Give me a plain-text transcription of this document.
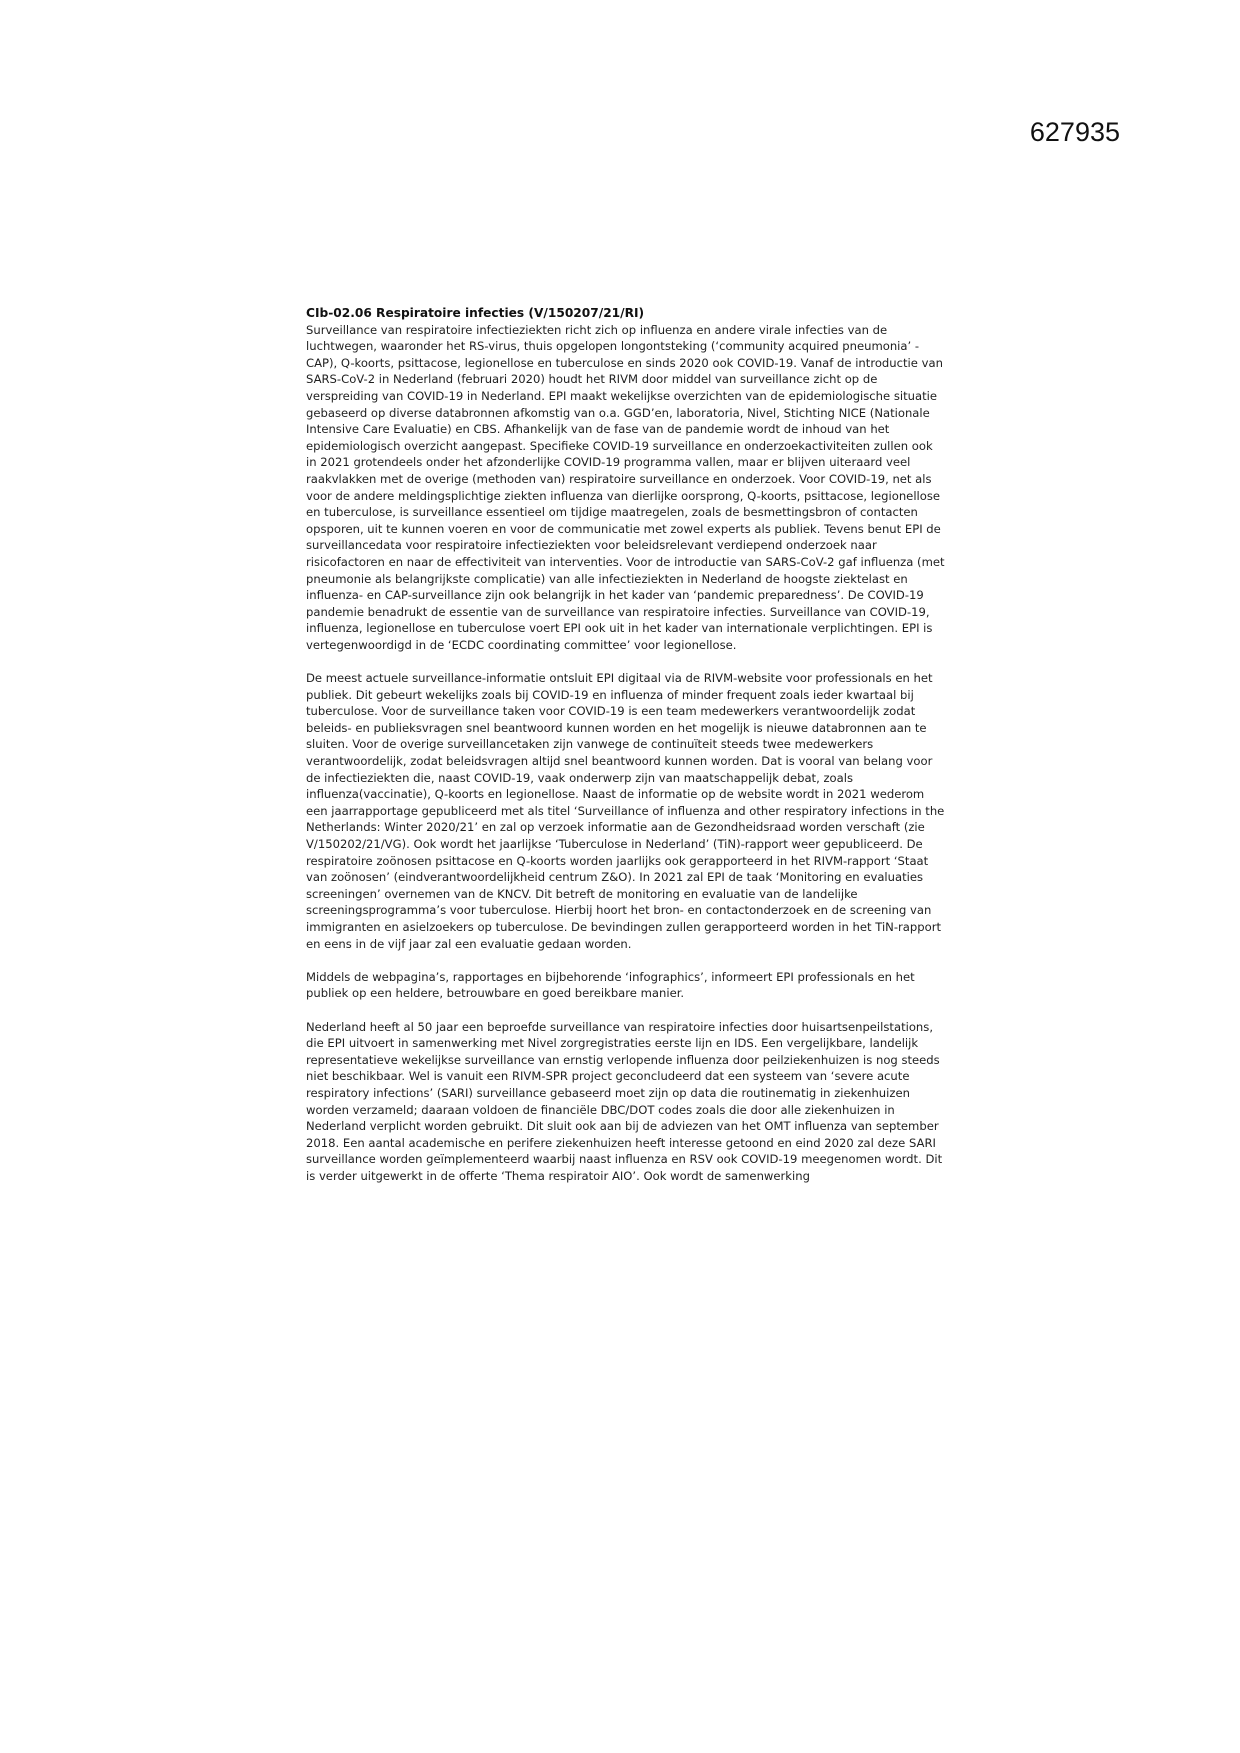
627935

CIb-02.06 Respiratoire infecties (V/150207/21/RI)

Surveillance van respiratoire infectieziekten richt zich op influenza en andere virale infecties van de luchtwegen, waaronder het RS-virus, thuis opgelopen longontsteking (‘community acquired pneumonia’ - CAP), Q-koorts, psittacose, legionellose en tuberculose en sinds 2020 ook COVID-19. Vanaf de introductie van SARS-CoV-2 in Nederland (februari 2020) houdt het RIVM door middel van surveillance zicht op de verspreiding van COVID-19 in Nederland. EPI maakt wekelijkse overzichten van de epidemiologische situatie gebaseerd op diverse databronnen afkomstig van o.a. GGD’en, laboratoria, Nivel, Stichting NICE (Nationale Intensive Care Evaluatie) en CBS. Afhankelijk van de fase van de pandemie wordt de inhoud van het epidemiologisch overzicht aangepast. Specifieke COVID-19 surveillance en onderzoekactiviteiten zullen ook in 2021 grotendeels onder het afzonderlijke COVID-19 programma vallen, maar er blijven uiteraard veel raakvlakken met de overige (methoden van) respiratoire surveillance en onderzoek. Voor COVID-19, net als voor de andere meldingsplichtige ziekten influenza van dierlijke oorsprong, Q-koorts, psittacose, legionellose en tuberculose, is surveillance essentieel om tijdige maatregelen, zoals de besmettingsbron of contacten opsporen, uit te kunnen voeren en voor de communicatie met zowel experts als publiek. Tevens benut EPI de surveillancedata voor respiratoire infectieziekten voor beleidsrelevant verdiepend onderzoek naar risicofactoren en naar de effectiviteit van interventies. Voor de introductie van SARS-CoV-2 gaf influenza (met pneumonie als belangrijkste complicatie) van alle infectieziekten in Nederland de hoogste ziektelast en influenza- en CAP-surveillance zijn ook belangrijk in het kader van ‘pandemic preparedness’. De COVID-19 pandemie benadrukt de essentie van de surveillance van respiratoire infecties. Surveillance van COVID-19, influenza, legionellose en tuberculose voert EPI ook uit in het kader van internationale verplichtingen. EPI is vertegenwoordigd in de ‘ECDC coordinating committee’ voor legionellose.

De meest actuele surveillance-informatie ontsluit EPI digitaal via de RIVM-website voor professionals en het publiek. Dit gebeurt wekelijks zoals bij COVID-19 en influenza of minder frequent zoals ieder kwartaal bij tuberculose. Voor de surveillance taken voor COVID-19 is een team medewerkers verantwoordelijk zodat beleids- en publieksvragen snel beantwoord kunnen worden en het mogelijk is nieuwe databronnen aan te sluiten. Voor de overige surveillancetaken zijn vanwege de continuïteit steeds twee medewerkers verantwoordelijk, zodat beleidsvragen altijd snel beantwoord kunnen worden. Dat is vooral van belang voor de infectieziekten die, naast COVID-19, vaak onderwerp zijn van maatschappelijk debat, zoals influenza(vaccinatie), Q-koorts en legionellose. Naast de informatie op de website wordt in 2021 wederom een jaarrapportage gepubliceerd met als titel ‘Surveillance of influenza and other respiratory infections in the Netherlands: Winter 2020/21’ en zal op verzoek informatie aan de Gezondheidsraad worden verschaft (zie V/150202/21/VG). Ook wordt het jaarlijkse ‘Tuberculose in Nederland’ (TiN)-rapport weer gepubliceerd. De respiratoire zoönosen psittacose en Q-koorts worden jaarlijks ook gerapporteerd in het RIVM-rapport ‘Staat van zoönosen’ (eindverantwoordelijkheid centrum Z&O). In 2021 zal EPI de taak ‘Monitoring en evaluaties screeningen’ overnemen van de KNCV. Dit betreft de monitoring en evaluatie van de landelijke screeningsprogramma’s voor tuberculose. Hierbij hoort het bron- en contactonderzoek en de screening van immigranten en asielzoekers op tuberculose. De bevindingen zullen gerapporteerd worden in het TiN-rapport en eens in de vijf jaar zal een evaluatie gedaan worden.

Middels de webpagina’s, rapportages en bijbehorende ‘infographics’, informeert EPI professionals en het publiek op een heldere, betrouwbare en goed bereikbare manier.

Nederland heeft al 50 jaar een beproefde surveillance van respiratoire infecties door huisartsenpeilstations, die EPI uitvoert in samenwerking met Nivel zorgregistraties eerste lijn en IDS. Een vergelijkbare, landelijk representatieve wekelijkse surveillance van ernstig verlopende influenza door peilziekenhuizen is nog steeds niet beschikbaar. Wel is vanuit een RIVM-SPR project geconcludeerd dat een systeem van ‘severe acute respiratory infections’ (SARI) surveillance gebaseerd moet zijn op data die routinematig in ziekenhuizen worden verzameld; daaraan voldoen de financiële DBC/DOT codes zoals die door alle ziekenhuizen in Nederland verplicht worden gebruikt. Dit sluit ook aan bij de adviezen van het OMT influenza van september 2018. Een aantal academische en perifere ziekenhuizen heeft interesse getoond en eind 2020 zal deze SARI surveillance worden geïmplementeerd waarbij naast influenza en RSV ook COVID-19 meegenomen wordt. Dit is verder uitgewerkt in de offerte ‘Thema respiratoir AIO’. Ook wordt de samenwerking
